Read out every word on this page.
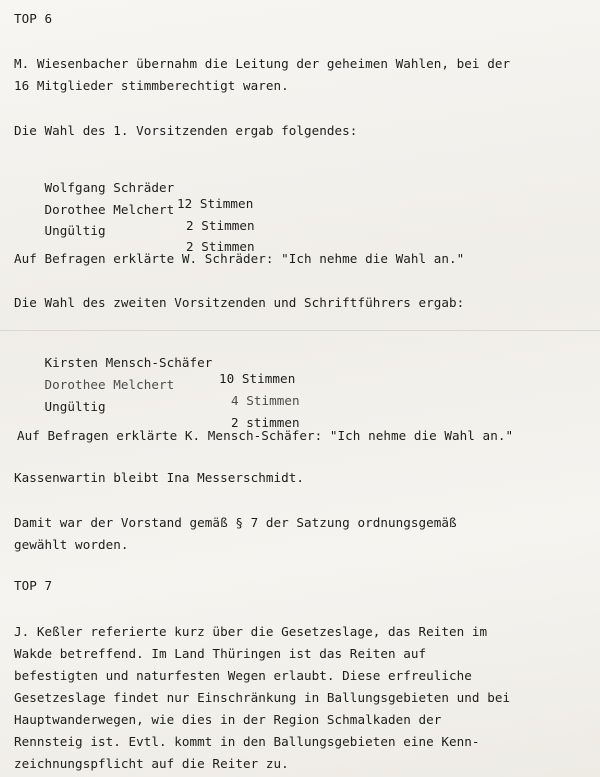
TOP 6
M. Wiesenbacher übernahm die Leitung der geheimen Wahlen, bei der
16 Mitglieder stimmberechtigt waren.
Die Wahl des 1. Vorsitzenden ergab folgendes:

Wolfgang Schräder

12 Stimmen

Dorothee Melchert

2 Stimmen

Ungültig

2 Stimmen

Auf Befragen erklärte W. Schräder: "Ich nehme die Wahl an."
Die Wahl des zweiten Vorsitzenden und Schriftführers ergab:

Kirsten Mensch-Schäfer

10 Stimmen

Dorothee Melchert

4 Stimmen

Ungültig

2 stimmen

Auf Befragen erklärte K. Mensch-Schäfer: "Ich nehme die Wahl an."
Kassenwartin bleibt Ina Messerschmidt.
Damit war der Vorstand gemäß § 7 der Satzung ordnungsgemäß
gewählt worden.
TOP 7
J. Keßler referierte kurz über die Gesetzeslage, das Reiten im
Wakde betreffend. Im Land Thüringen ist das Reiten auf
befestigten und naturfesten Wegen erlaubt. Diese erfreuliche
Gesetzeslage findet nur Einschränkung in Ballungsgebieten und bei
Hauptwanderwegen, wie dies in der Region Schmalkaden der
Rennsteig ist. Evtl. kommt in den Ballungsgebieten eine Kenn-
zeichnungspflicht auf die Reiter zu.
